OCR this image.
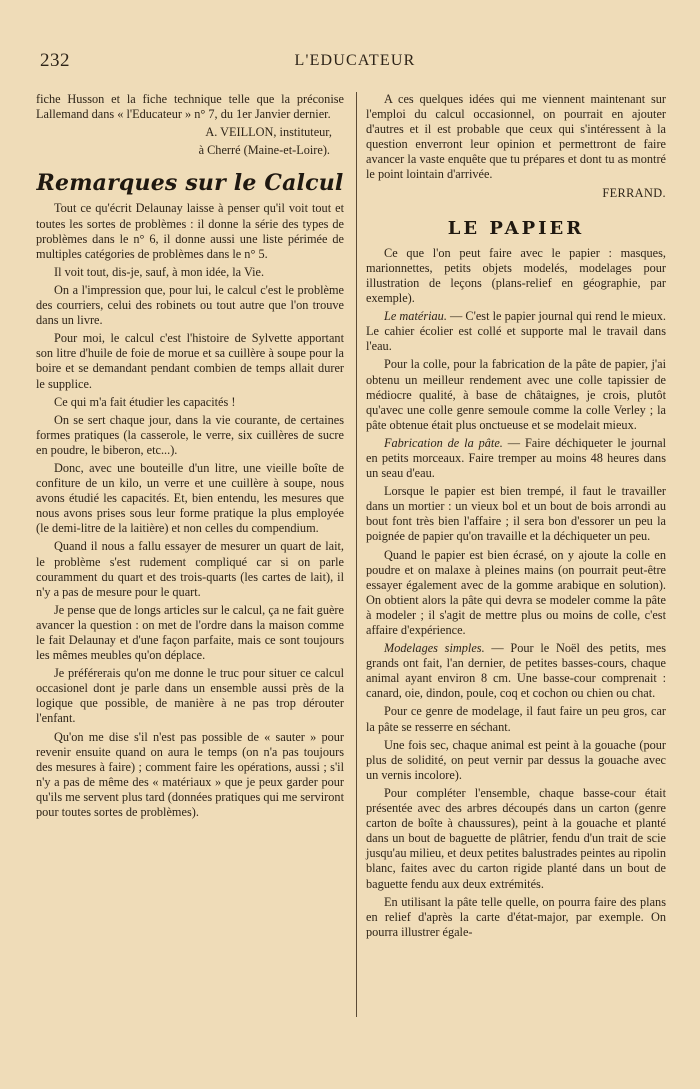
232	L'EDUCATEUR

fiche Husson et la fiche technique telle que la préconise Lallemand dans « l'Educateur » n° 7, du 1er Janvier dernier.

A. VEILLON, instituteur,

à Cherré (Maine-et-Loire).

Remarques sur le Calcul

Tout ce qu'écrit Delaunay laisse à penser qu'il voit tout et toutes les sortes de problèmes : il donne la série des types de problèmes dans le n° 6, il donne aussi une liste périmée de multiples catégories de problèmes dans le n° 5.

Il voit tout, dis-je, sauf, à mon idée, la Vie.

On a l'impression que, pour lui, le calcul c'est le problème des courriers, celui des robinets ou tout autre que l'on trouve dans un livre.

Pour moi, le calcul c'est l'histoire de Sylvette apportant son litre d'huile de foie de morue et sa cuillère à soupe pour la boire et se demandant pendant combien de temps allait durer le supplice.

Ce qui m'a fait étudier les capacités !

On se sert chaque jour, dans la vie courante, de certaines formes pratiques (la casserole, le verre, six cuillères de sucre en poudre, le biberon, etc...).

Donc, avec une bouteille d'un litre, une vieille boîte de confiture de un kilo, un verre et une cuillère à soupe, nous avons étudié les capacités. Et, bien entendu, les mesures que nous avons prises sous leur forme pratique la plus employée (le demi-litre de la laitière) et non celles du compendium.

Quand il nous a fallu essayer de mesurer un quart de lait, le problème s'est rudement compliqué car si on parle couramment du quart et des trois-quarts (les cartes de lait), il n'y a pas de mesure pour le quart.

Je pense que de longs articles sur le calcul, ça ne fait guère avancer la question : on met de l'ordre dans la maison comme le fait Delaunay et d'une façon parfaite, mais ce sont toujours les mêmes meubles qu'on déplace.

Je préférerais qu'on me donne le truc pour situer ce calcul occasionel dont je parle dans un ensemble aussi près de la logique que possible, de manière à ne pas trop dérouter l'enfant.

Qu'on me dise s'il n'est pas possible de « sauter » pour revenir ensuite quand on aura le temps (on n'a pas toujours des mesures à faire) ; comment faire les opérations, aussi ; s'il n'y a pas de même des « matériaux » que je peux garder pour qu'ils me servent plus tard (données pratiques qui me serviront pour toutes sortes de problèmes).

A ces quelques idées qui me viennent maintenant sur l'emploi du calcul occasionnel, on pourrait en ajouter d'autres et il est probable que ceux qui s'intéressent à la question enverront leur opinion et permettront de faire avancer la vaste enquête que tu prépares et dont tu as montré le point lointain d'arrivée.

FERRAND.

LE PAPIER

Ce que l'on peut faire avec le papier : masques, marionnettes, petits objets modelés, modelages pour illustration de leçons (plans-relief en géographie, par exemple).

Le matériau. — C'est le papier journal qui rend le mieux. Le cahier écolier est collé et supporte mal le travail dans l'eau.

Pour la colle, pour la fabrication de la pâte de papier, j'ai obtenu un meilleur rendement avec une colle tapissier de médiocre qualité, à base de châtaignes, je crois, plutôt qu'avec une colle genre semoule comme la colle Verley ; la pâte obtenue était plus onctueuse et se modelait mieux.

Fabrication de la pâte. — Faire déchiqueter le journal en petits morceaux. Faire tremper au moins 48 heures dans un seau d'eau.

Lorsque le papier est bien trempé, il faut le travailler dans un mortier : un vieux bol et un bout de bois arrondi au bout font très bien l'affaire ; il sera bon d'essorer un peu la poignée de papier qu'on travaille et la déchiqueter un peu.

Quand le papier est bien écrasé, on y ajoute la colle en poudre et on malaxe à pleines mains (on pourrait peut-être essayer également avec de la gomme arabique en solution). On obtient alors la pâte qui devra se modeler comme la pâte à modeler ; il s'agit de mettre plus ou moins de colle, c'est affaire d'expérience.

Modelages simples. — Pour le Noël des petits, mes grands ont fait, l'an dernier, de petites basses-cours, chaque animal ayant environ 8 cm. Une basse-cour comprenait : canard, oie, dindon, poule, coq et cochon ou chien ou chat.

Pour ce genre de modelage, il faut faire un peu gros, car la pâte se resserre en séchant.

Une fois sec, chaque animal est peint à la gouache (pour plus de solidité, on peut vernir par dessus la gouache avec un vernis incolore).

Pour compléter l'ensemble, chaque basse-cour était présentée avec des arbres découpés dans un carton (genre carton de boîte à chaussures), peint à la gouache et planté dans un bout de baguette de plâtrier, fendu d'un trait de scie jusqu'au milieu, et deux petites balustrades peintes au ripolin blanc, faites avec du carton rigide planté dans un bout de baguette fendu aux deux extrémités.

En utilisant la pâte telle quelle, on pourra faire des plans en relief d'après la carte d'état-major, par exemple. On pourra illustrer égale-
